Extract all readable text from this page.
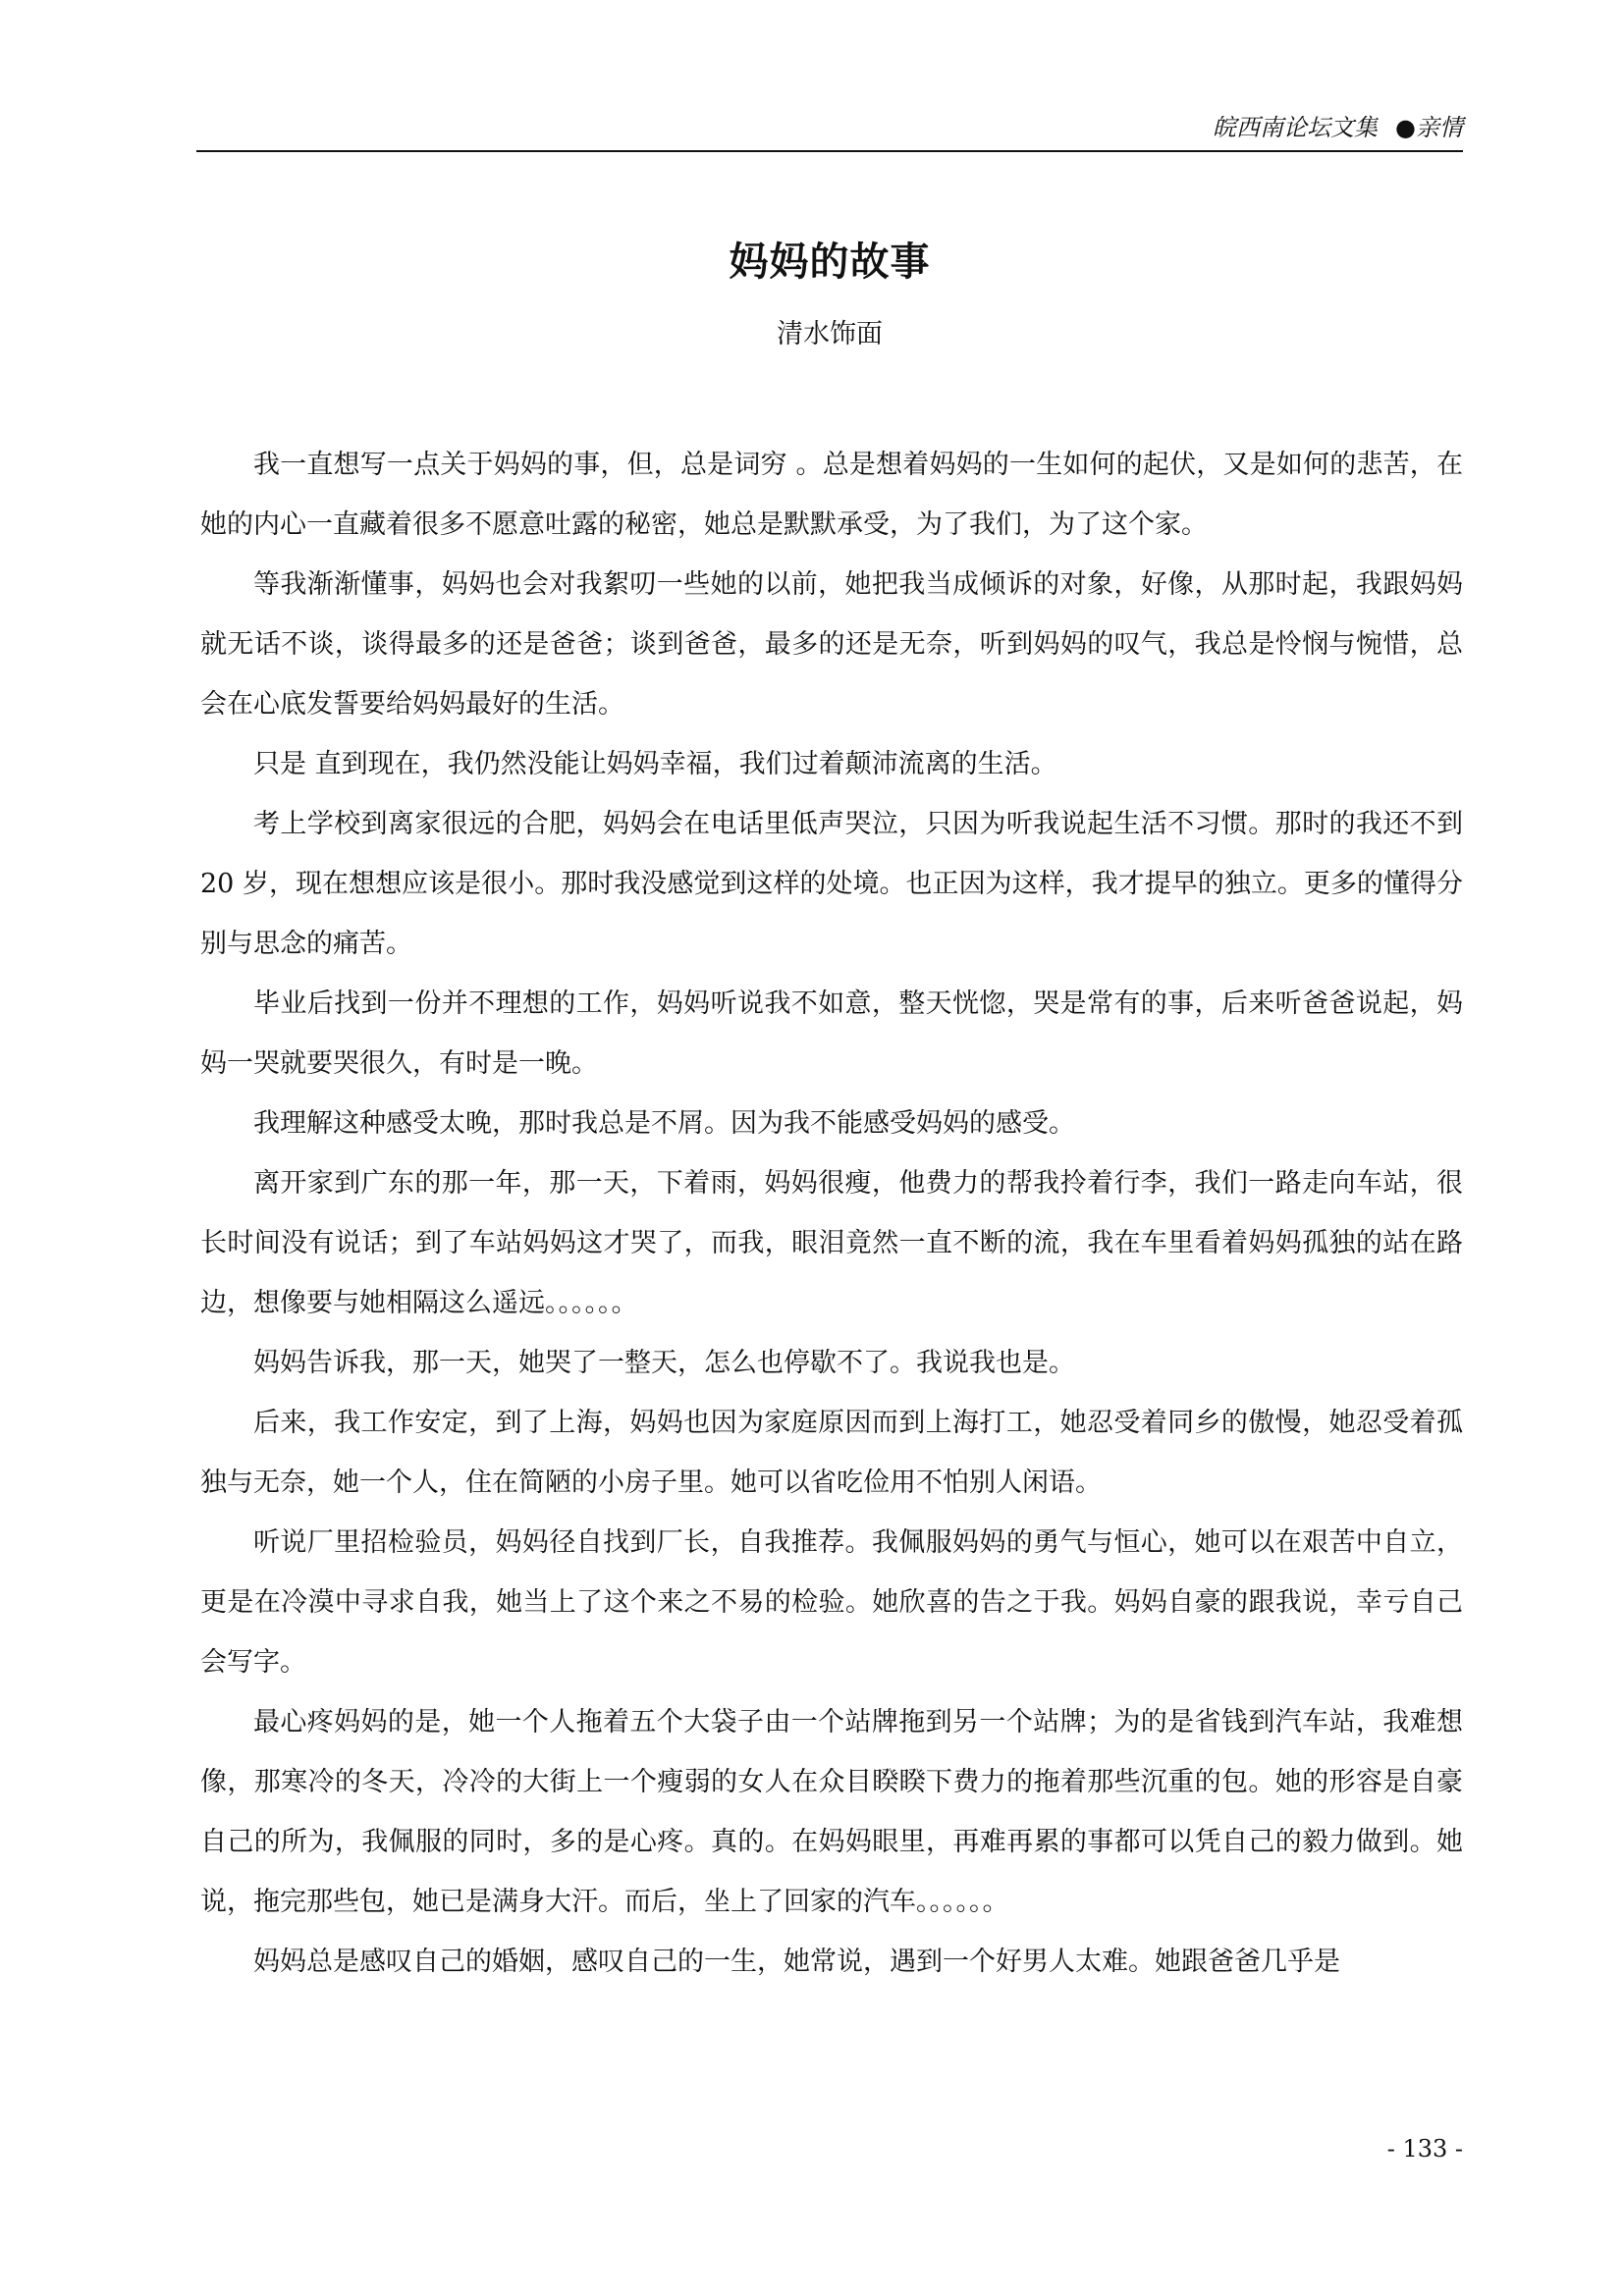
皖西南论坛文集 ●亲情
妈妈的故事
清水饰面

我一直想写一点关于妈妈的事，但，总是词穷 。总是想着妈妈的一生如何的起伏，又是如何的悲苦，在她的内心一直藏着很多不愿意吐露的秘密，她总是默默承受，为了我们，为了这个家。

等我渐渐懂事，妈妈也会对我絮叨一些她的以前，她把我当成倾诉的对象，好像，从那时起，我跟妈妈就无话不谈，谈得最多的还是爸爸；谈到爸爸，最多的还是无奈，听到妈妈的叹气，我总是怜悯与惋惜，总会在心底发誓要给妈妈最好的生活。

只是 直到现在，我仍然没能让妈妈幸福，我们过着颠沛流离的生活。

考上学校到离家很远的合肥，妈妈会在电话里低声哭泣，只因为听我说起生活不习惯。那时的我还不到 20 岁，现在想想应该是很小。那时我没感觉到这样的处境。也正因为这样，我才提早的独立。更多的懂得分别与思念的痛苦。

毕业后找到一份并不理想的工作，妈妈听说我不如意，整天恍惚，哭是常有的事，后来听爸爸说起，妈妈一哭就要哭很久，有时是一晚。

我理解这种感受太晚，那时我总是不屑。因为我不能感受妈妈的感受。

离开家到广东的那一年，那一天，下着雨，妈妈很瘦，他费力的帮我拎着行李，我们一路走向车站，很长时间没有说话；到了车站妈妈这才哭了，而我，眼泪竟然一直不断的流，我在车里看着妈妈孤独的站在路边，想像要与她相隔这么遥远。。。。。。

妈妈告诉我，那一天，她哭了一整天，怎么也停歇不了。我说我也是。

后来，我工作安定，到了上海，妈妈也因为家庭原因而到上海打工，她忍受着同乡的傲慢，她忍受着孤独与无奈，她一个人，住在简陋的小房子里。她可以省吃俭用不怕别人闲语。

听说厂里招检验员，妈妈径自找到厂长，自我推荐。我佩服妈妈的勇气与恒心，她可以在艰苦中自立，更是在冷漠中寻求自我，她当上了这个来之不易的检验。她欣喜的告之于我。妈妈自豪的跟我说，幸亏自己会写字。

最心疼妈妈的是，她一个人拖着五个大袋子由一个站牌拖到另一个站牌；为的是省钱到汽车站，我难想像，那寒冷的冬天，冷冷的大街上一个瘦弱的女人在众目睽睽下费力的拖着那些沉重的包。她的形容是自豪自己的所为，我佩服的同时，多的是心疼。真的。在妈妈眼里，再难再累的事都可以凭自己的毅力做到。她说，拖完那些包，她已是满身大汗。而后，坐上了回家的汽车。。。。。。

妈妈总是感叹自己的婚姻，感叹自己的一生，她常说，遇到一个好男人太难。她跟爸爸几乎是

- 133 -
